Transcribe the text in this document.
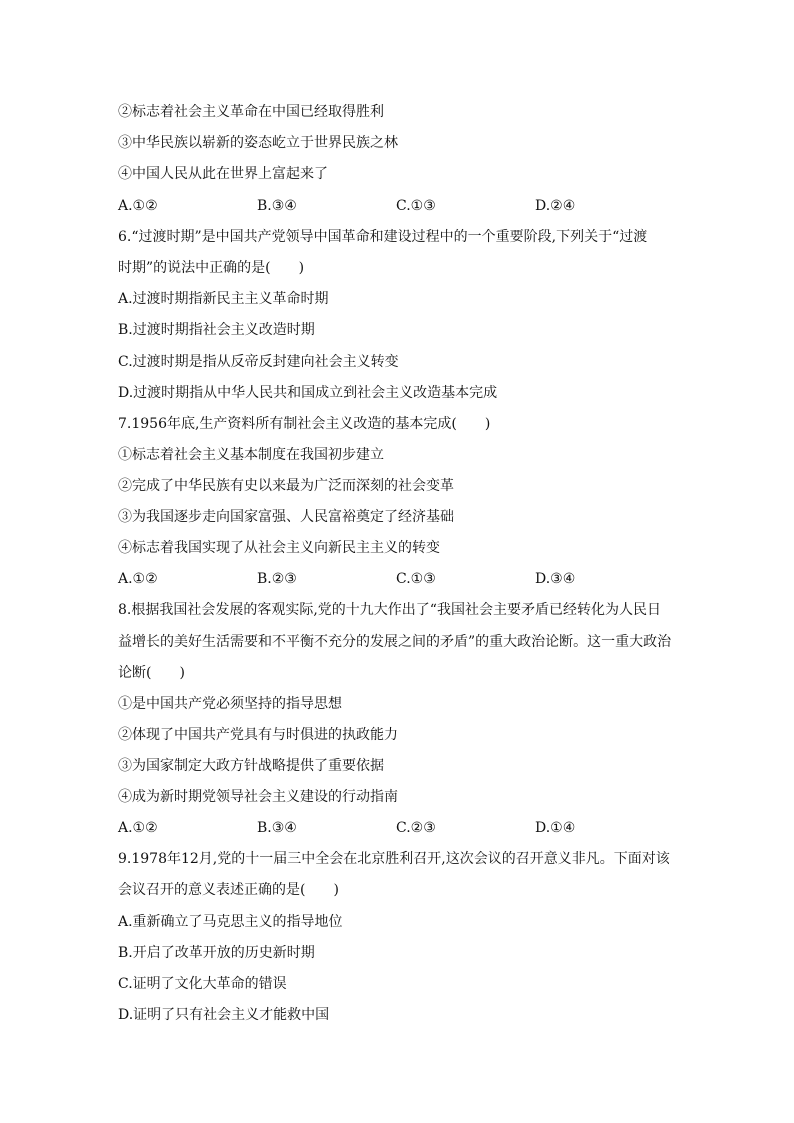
②标志着社会主义革命在中国已经取得胜利
③中华民族以崭新的姿态屹立于世界民族之林
④中国人民从此在世界上富起来了
A.①②	B.③④	C.①③	D.②④
6.“过渡时期”是中国共产党领导中国革命和建设过程中的一个重要阶段,下列关于“过渡
时期”的说法中正确的是(　　)
A.过渡时期指新民主主义革命时期
B.过渡时期指社会主义改造时期
C.过渡时期是指从反帝反封建向社会主义转变
D.过渡时期指从中华人民共和国成立到社会主义改造基本完成
7.1956年底,生产资料所有制社会主义改造的基本完成(　　)
①标志着社会主义基本制度在我国初步建立
②完成了中华民族有史以来最为广泛而深刻的社会变革
③为我国逐步走向国家富强、人民富裕奠定了经济基础
④标志着我国实现了从社会主义向新民主主义的转变
A.①②	B.②③	C.①③	D.③④
8.根据我国社会发展的客观实际,党的十九大作出了“我国社会主要矛盾已经转化为人民日
益增长的美好生活需要和不平衡不充分的发展之间的矛盾”的重大政治论断。这一重大政治
论断(　　)
①是中国共产党必须坚持的指导思想
②体现了中国共产党具有与时俱进的执政能力
③为国家制定大政方针战略提供了重要依据
④成为新时期党领导社会主义建设的行动指南
A.①②	B.③④	C.②③	D.①④
9.1978年12月,党的十一届三中全会在北京胜利召开,这次会议的召开意义非凡。下面对该
会议召开的意义表述正确的是(　　)
A.重新确立了马克思主义的指导地位
B.开启了改革开放的历史新时期
C.证明了文化大革命的错误
D.证明了只有社会主义才能救中国
